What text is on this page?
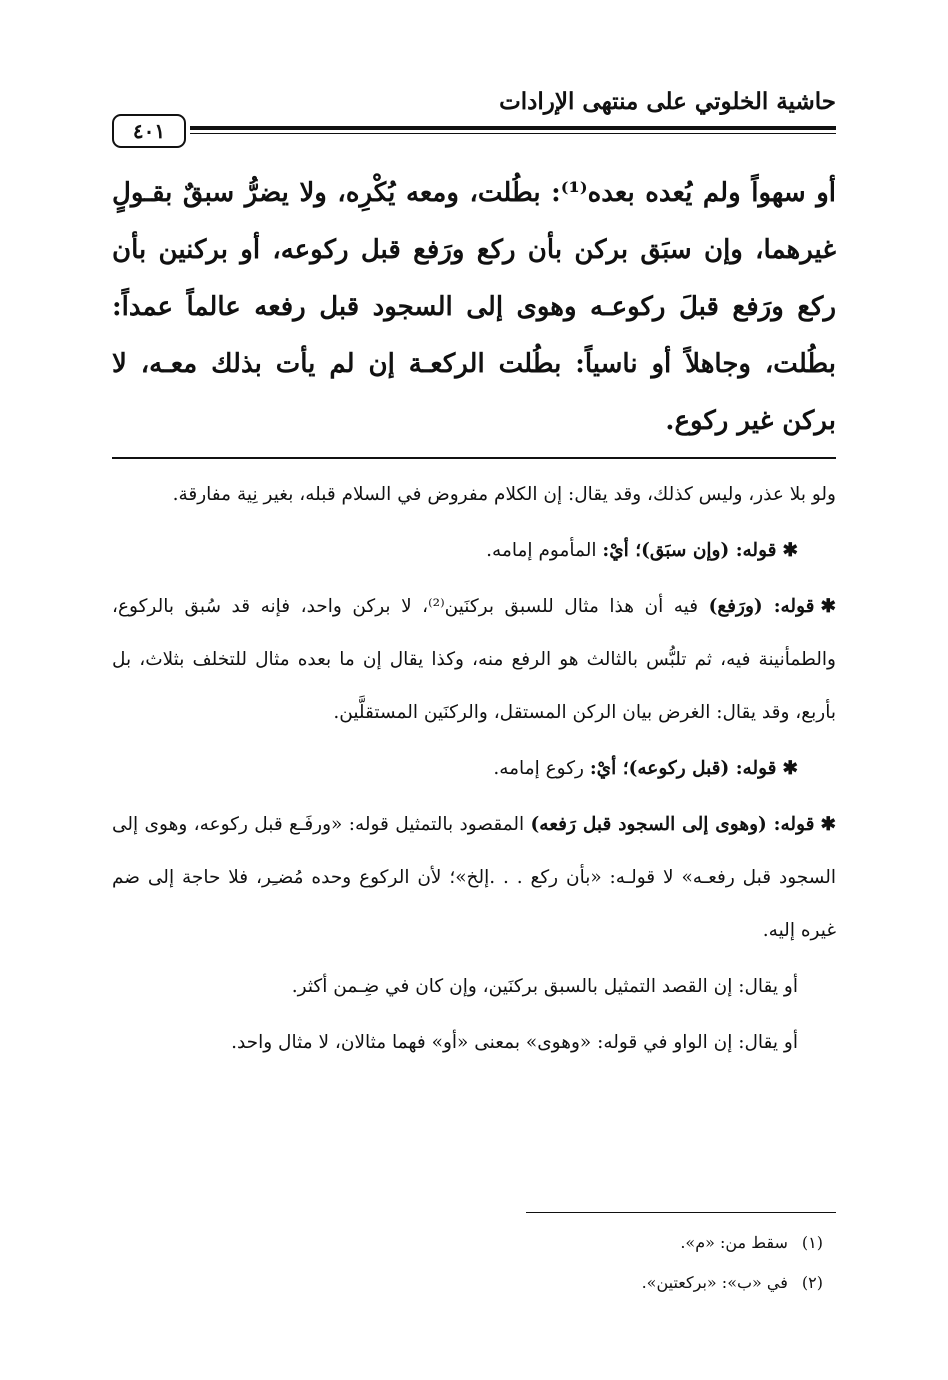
حاشية الخلوتي على منتهى الإرادات
٤٠١

أو سهواً ولم يُعده بعده⁽¹⁾: بطُلت، ومعه يُكْرِه، ولا يضرُّ سبقٌ بقـولٍ غيرهما، وإن سبَق بركن بأن ركع ورَفع قبل ركوعه، أو بركنين بأن ركع ورَفع قبلَ ركوعـه وهوى إلى السجود قبل رفعه عالماً عمداً: بطُلت، وجاهلاً أو ناسياً: بطُلت الركعـة إن لم يأت بذلك معـه، لا بركن غير ركوع.

ولو بلا عذر، وليس كذلك، وقد يقال: إن الكلام مفروض في السلام قبله، بغير نِية مفارقة.

✱قوله: (وإن سبَق)؛ أيْ: المأموم إمامه.

✱قوله: (ورَفع) فيه أن هذا مثال للسبق بركنَين⁽²⁾، لا بركن واحد، فإنه قد سُبق بالركوع، والطمأنينة فيه، ثم تلبُّس بالثالث هو الرفع منه، وكذا يقال إن ما بعده مثال للتخلف بثلاث، بل بأربع، وقد يقال: الغرض بيان الركن المستقل، والركنَين المستقلَّين.

✱قوله: (قبل ركوعه)؛ أيْ: ركوع إمامه.

✱قوله: (وهوى إلى السجود قبل رَفعه) المقصود بالتمثيل قوله: «ورفَـع قبل ركوعه، وهوى إلى السجود قبل رفعـه» لا قولـه: «بأن ركع . . .إلخ»؛ لأن الركوع وحده مُضـِر، فلا حاجة إلى ضم غيره إليه.

أو يقال: إن القصد التمثيل بالسبق بركنَين، وإن كان في ضِـمن أكثر.

أو يقال: إن الواو في قوله: «وهوى» بمعنى «أو» فهما مثالان، لا مثال واحد.

(١)سقط من: «م».
(٢)في «ب»: «بركعتين».
